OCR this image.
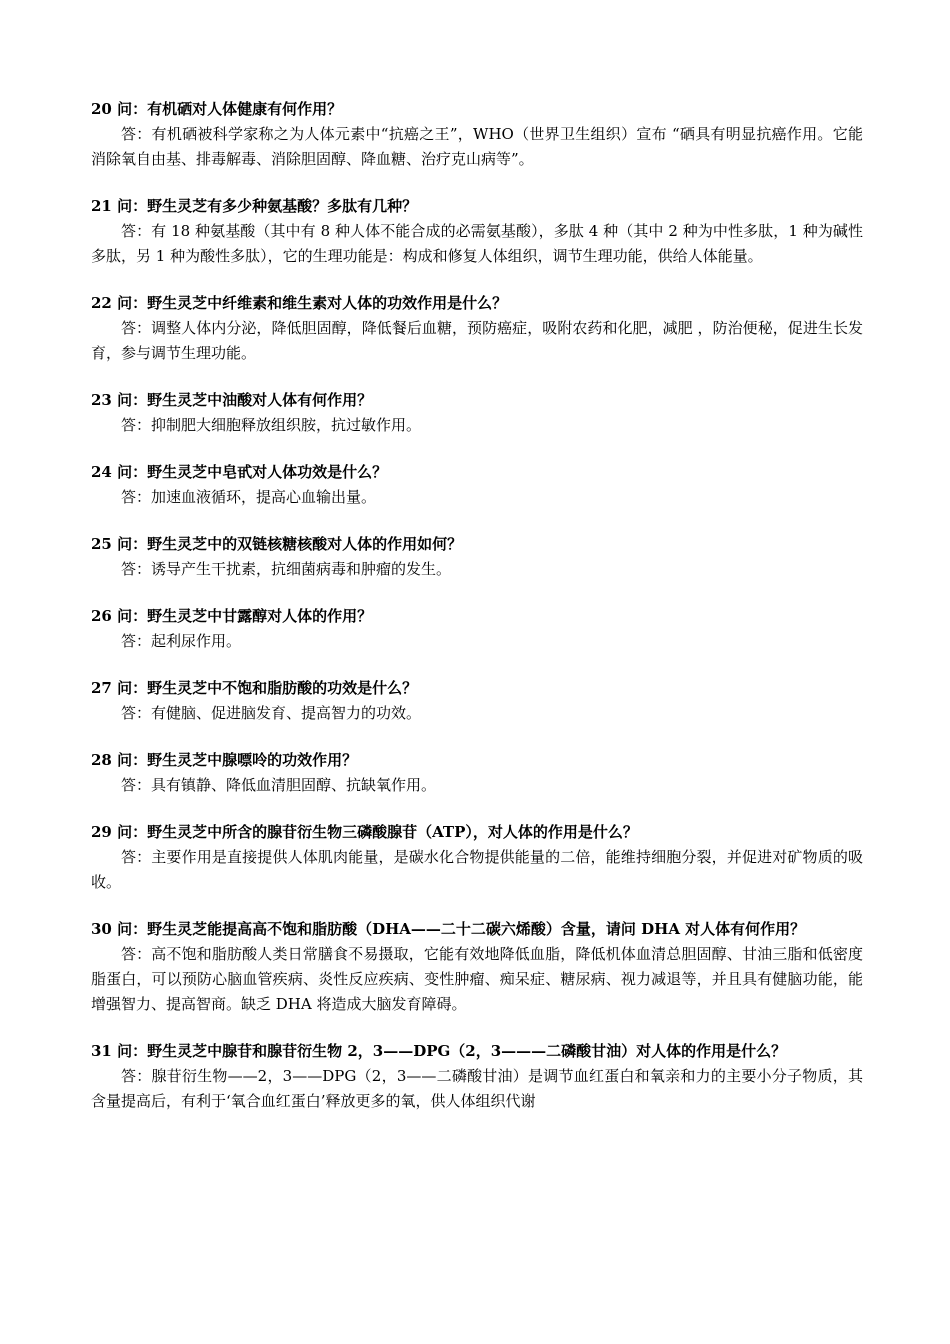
20 问：有机硒对人体健康有何作用？

答：有机硒被科学家称之为人体元素中“抗癌之王”，WHO（世界卫生组织）宣布 “硒具有明显抗癌作用。它能消除氧自由基、排毒解毒、消除胆固醇、降血糖、治疗克山病等”。

21 问：野生灵芝有多少种氨基酸？多肽有几种？

答：有 18 种氨基酸（其中有 8 种人体不能合成的必需氨基酸），多肽 4 种（其中 2 种为中性多肽，1 种为碱性多肽，另 1 种为酸性多肽），它的生理功能是：构成和修复人体组织，调节生理功能，供给人体能量。

22 问：野生灵芝中纤维素和维生素对人体的功效作用是什么？

答：调整人体内分泌，降低胆固醇，降低餐后血糖，预防癌症，吸附农药和化肥，减肥 ，防治便秘，促进生长发育，参与调节生理功能。

23 问：野生灵芝中油酸对人体有何作用？

答：抑制肥大细胞释放组织胺，抗过敏作用。

24 问：野生灵芝中皂甙对人体功效是什么？

答：加速血液循环，提高心血输出量。

25 问：野生灵芝中的双链核糖核酸对人体的作用如何？

答：诱导产生干扰素，抗细菌病毒和肿瘤的发生。

26 问：野生灵芝中甘露醇对人体的作用？

答：起利尿作用。

27 问：野生灵芝中不饱和脂肪酸的功效是什么？

答：有健脑、促进脑发育、提高智力的功效。

28 问：野生灵芝中腺嘌呤的功效作用？

答：具有镇静、降低血清胆固醇、抗缺氧作用。

29 问：野生灵芝中所含的腺苷衍生物三磷酸腺苷（ATP），对人体的作用是什么？

答：主要作用是直接提供人体肌肉能量，是碳水化合物提供能量的二倍，能维持细胞分裂，并促进对矿物质的吸收。

30 问：野生灵芝能提高高不饱和脂肪酸（DHA——二十二碳六烯酸）含量，请问 DHA 对人体有何作用？

答：高不饱和脂肪酸人类日常膳食不易摄取，它能有效地降低血脂，降低机体血清总胆固醇、甘油三脂和低密度脂蛋白，可以预防心脑血管疾病、炎性反应疾病、变性肿瘤、痴呆症、糖尿病、视力减退等，并且具有健脑功能，能增强智力、提高智商。缺乏 DHA 将造成大脑发育障碍。

31 问：野生灵芝中腺苷和腺苷衍生物 2，3——DPG（2，3———二磷酸甘油）对人体的作用是什么？

答：腺苷衍生物——2，3——DPG（2，3——二磷酸甘油）是调节血红蛋白和氧亲和力的主要小分子物质，其含量提高后，有利于‘氧合血红蛋白’释放更多的氧，供人体组织代谢
